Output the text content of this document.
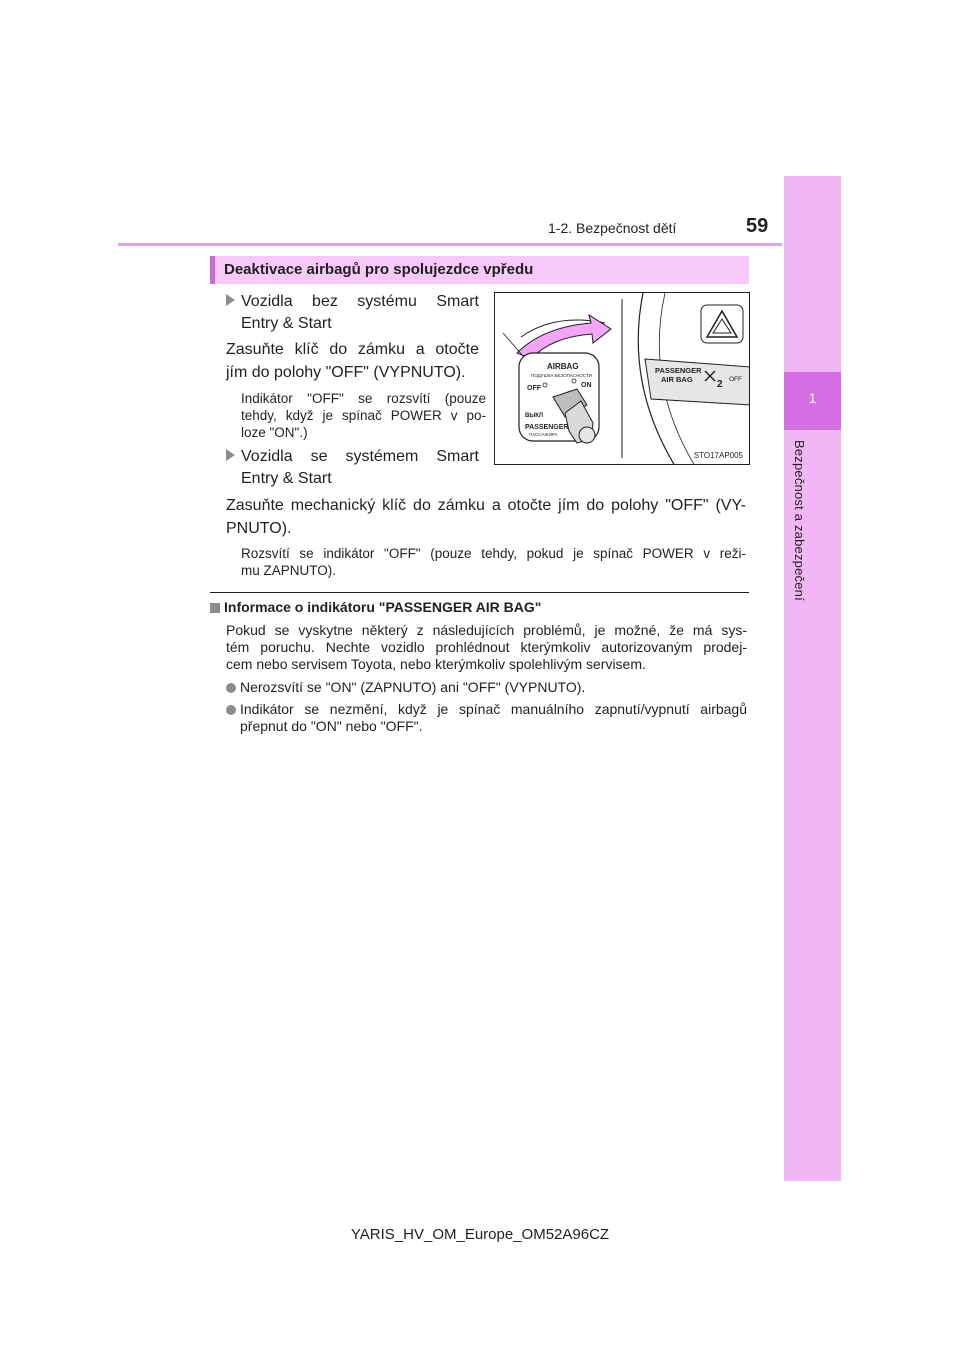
1-2. Bezpečnost dětí	59
1
Bezpečnost a zabezpečení
Deaktivace airbagů pro spolujezdce vpředu
Vozidla bez systému Smart
Entry & Start
Zasuňte klíč do zámku a otočte
jím do polohy "OFF" (VYPNUTO).
Indikátor "OFF" se rozsvítí (pouze
tehdy, když je spínač POWER v po-
loze "ON".)
Vozidla se systémem Smart
Entry & Start
Zasuňte mechanický klíč do zámku a otočte jím do polohy "OFF" (VY-
PNUTO).
Rozsvítí se indikátor "OFF" (pouze tehdy, pokud je spínač POWER v reži-
mu ZAPNUTO).
AIRBAG
ПОДУШКА БЕЗОПАСНОСТИ
OFF	ON
ВЫКЛ
PASSENGER
ПАССАЖИРА
PASSENGER
AIR BAG 2 OFF
STO17AP005
Informace o indikátoru "PASSENGER AIR BAG"
Pokud se vyskytne některý z následujících problémů, je možné, že má sys-
tém poruchu. Nechte vozidlo prohlédnout kterýmkoliv autorizovaným prodej-
cem nebo servisem Toyota, nebo kterýmkoliv spolehlivým servisem.
Nerozsvítí se "ON" (ZAPNUTO) ani "OFF" (VYPNUTO).
Indikátor se nezmění, když je spínač manuálního zapnutí/vypnutí airbagů
přepnut do "ON" nebo "OFF".
YARIS_HV_OM_Europe_OM52A96CZ
